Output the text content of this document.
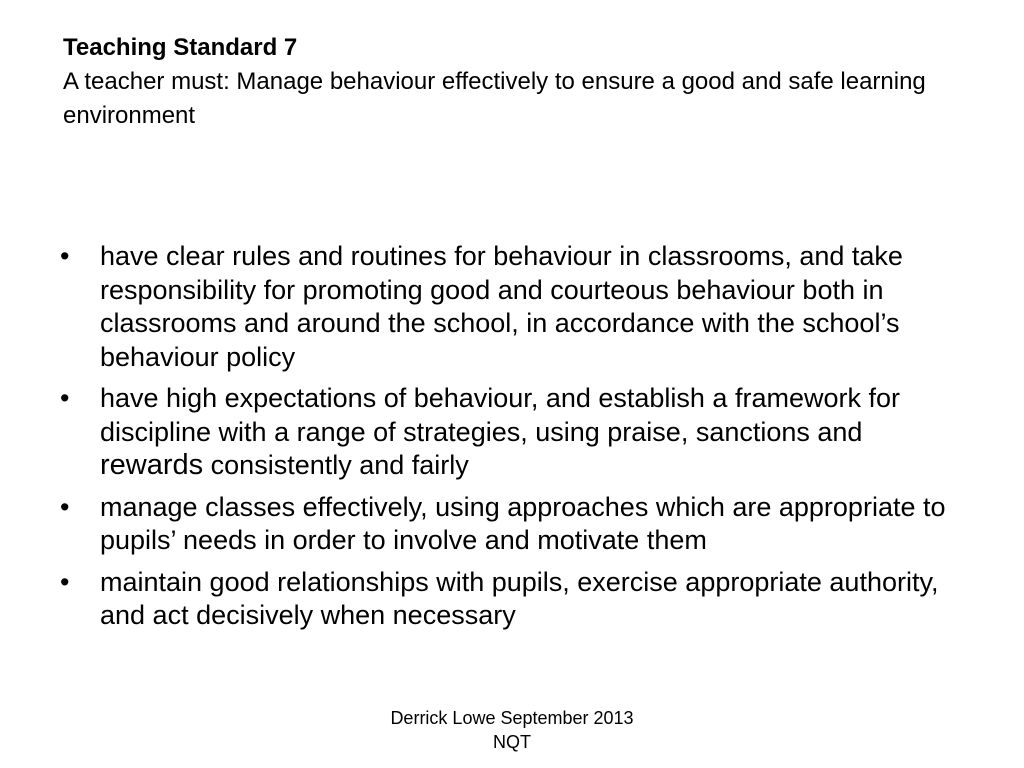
Teaching Standard 7
A teacher must: Manage behaviour effectively to ensure a good and safe learning environment
•	have clear rules and routines for behaviour in classrooms, and take responsibility for promoting good and courteous behaviour both in classrooms and around the school, in accordance with the school’s behaviour policy
•	have high expectations of behaviour, and establish a framework for discipline with a range of strategies, using praise, sanctions and rewards consistently and fairly
•	manage classes effectively, using approaches which are appropriate to pupils’ needs in order to involve and motivate them
•	maintain good relationships with pupils, exercise appropriate authority, and act decisively when necessary
Derrick Lowe September 2013
NQT
